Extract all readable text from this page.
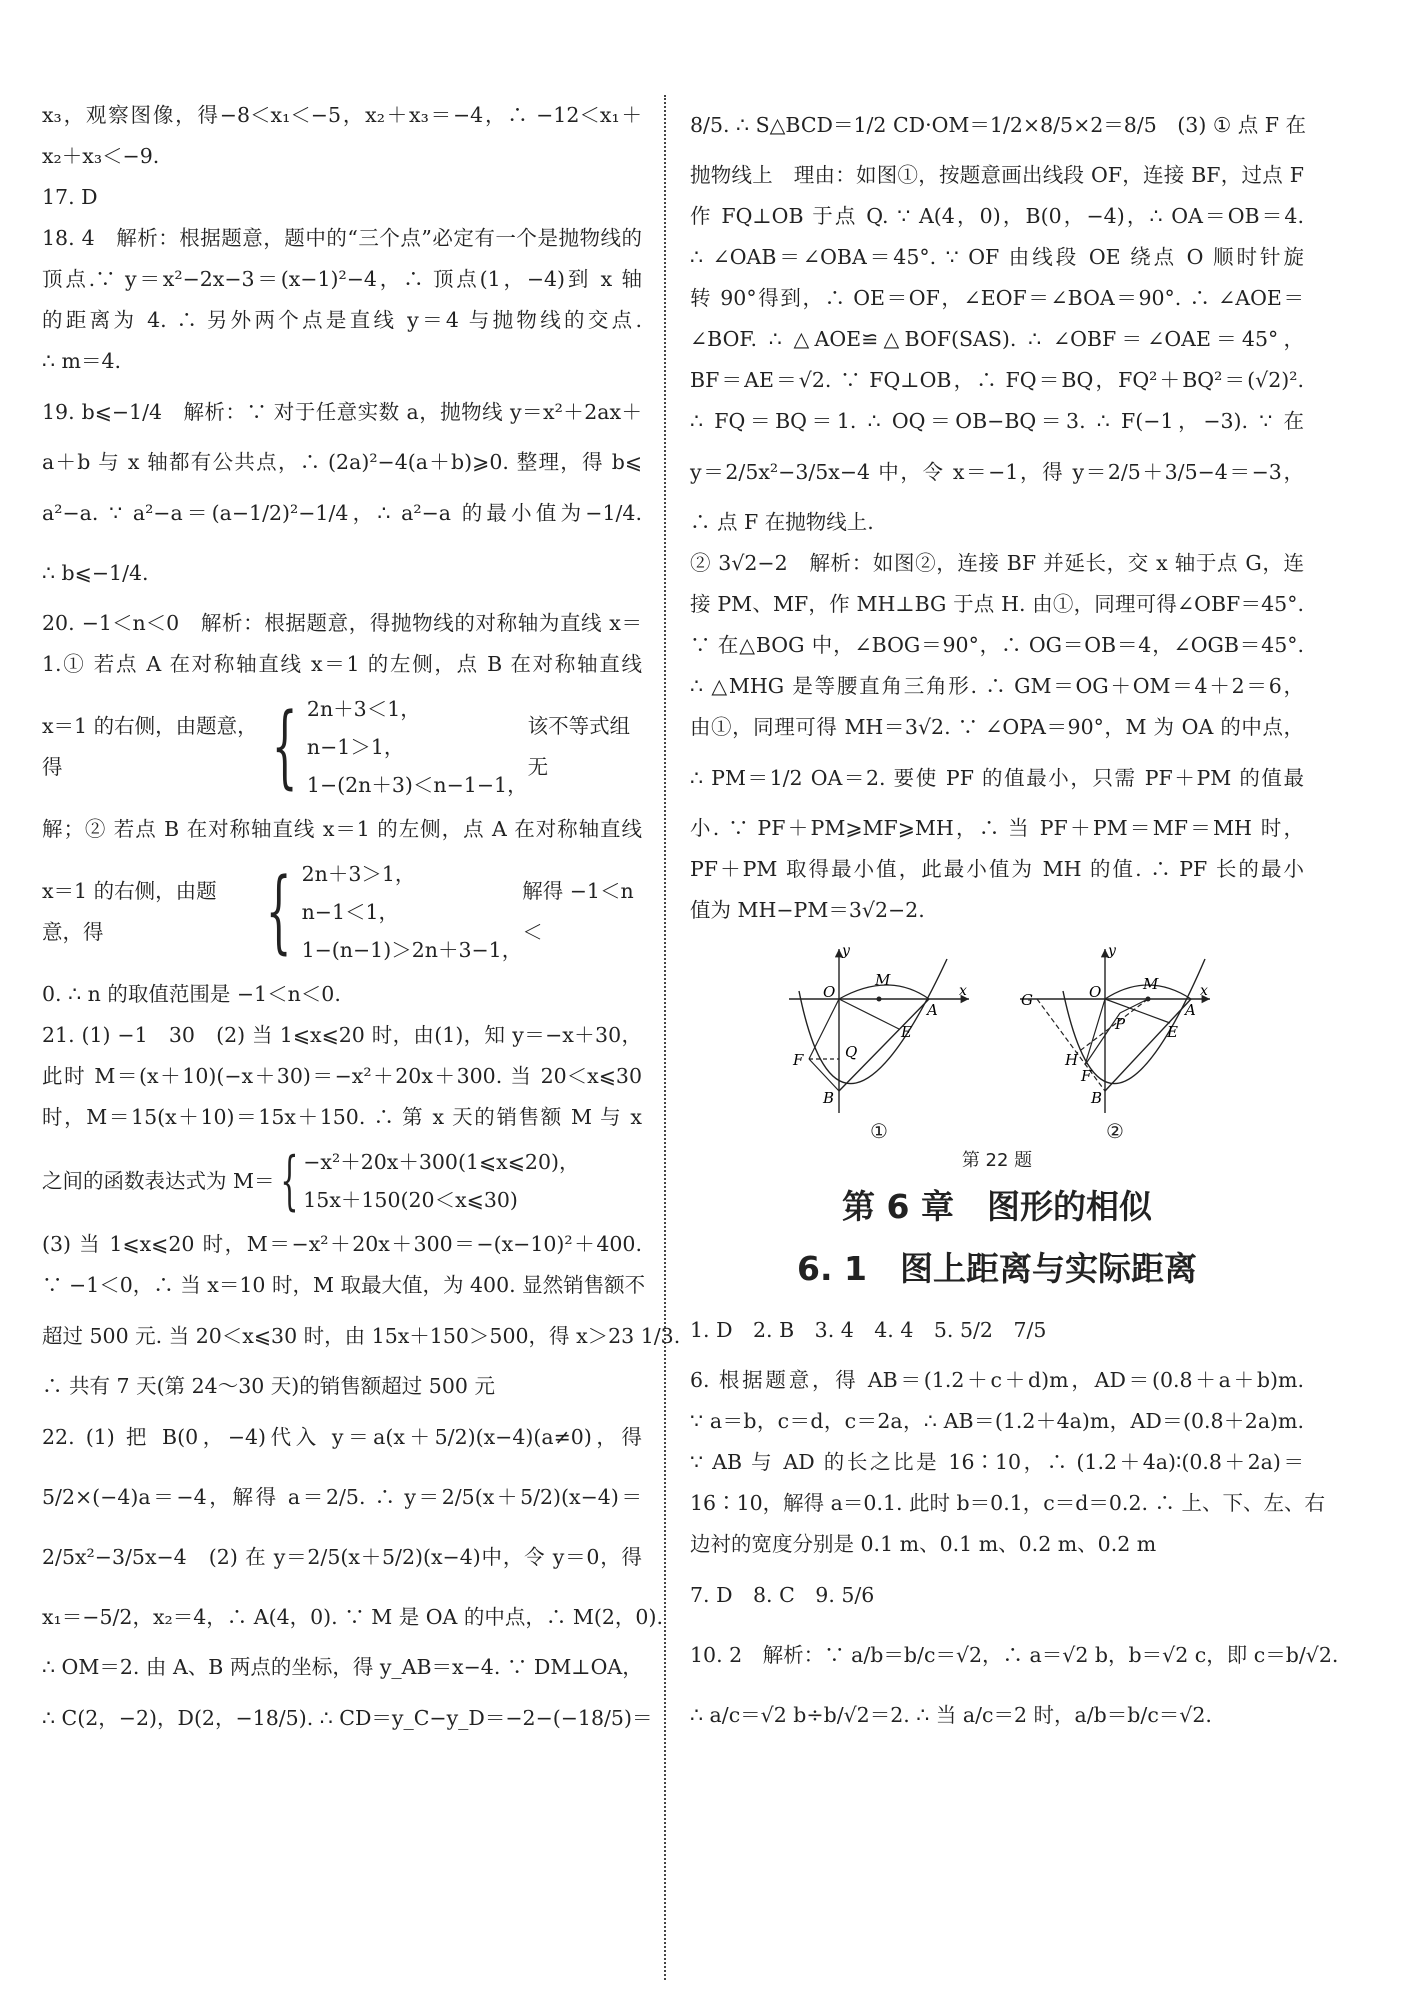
x₃，观察图像，得−8＜x₁＜−5，x₂＋x₃＝−4，∴ −12＜x₁＋
x₂＋x₃＜−9.
17. D
18. 4　解析：根据题意，题中的“三个点”必定有一个是抛物线的
顶点.∵ y＝x²−2x−3＝(x−1)²−4，∴ 顶点(1，−4)到 x 轴
的距离为 4. ∴ 另外两个点是直线 y＝4 与抛物线的交点.
∴ m＝4.
19. b⩽−1/4　解析：∵ 对于任意实数 a，抛物线 y＝x²＋2ax＋
a＋b 与 x 轴都有公共点，∴ (2a)²−4(a＋b)⩾0. 整理，得 b⩽
a²−a. ∵ a²−a＝(a−1/2)²−1/4，∴ a²−a 的最小值为−1/4.
∴ b⩽−1/4.
20. −1＜n＜0　解析：根据题意，得抛物线的对称轴为直线 x＝
1.① 若点 A 在对称轴直线 x＝1 的左侧，点 B 在对称轴直线
x＝1 的右侧，由题意，得	{ 2n＋3＜1，
n−1＞1，
1−(2n＋3)＜n−1−1，
该不等式组无
解；② 若点 B 在对称轴直线 x＝1 的左侧，点 A 在对称轴直线
x＝1 的右侧，由题意，得	{ 2n＋3＞1，
n−1＜1，
1−(n−1)＞2n＋3−1，
解得 −1＜n＜
0. ∴ n 的取值范围是 −1＜n＜0.
21. (1) −1　30　(2) 当 1⩽x⩽20 时，由(1)，知 y＝−x＋30，
此时 M＝(x＋10)(−x＋30)＝−x²＋20x＋300. 当 20＜x⩽30
时，M＝15(x＋10)＝15x＋150. ∴ 第 x 天的销售额 M 与 x
之间的函数表达式为 M＝ { −x²＋20x＋300(1⩽x⩽20)，
15x＋150(20＜x⩽30)
(3) 当 1⩽x⩽20 时，M＝−x²＋20x＋300＝−(x−10)²＋400.
∵ −1＜0，∴ 当 x＝10 时，M 取最大值，为 400. 显然销售额不
超过 500 元. 当 20＜x⩽30 时，由 15x＋150＞500，得 x＞23 1/3.
∴ 共有 7 天(第 24～30 天)的销售额超过 500 元
22. (1) 把 B(0，−4)代入 y＝a(x＋5/2)(x−4)(a≠0)，得
5/2×(−4)a＝−4，解得 a＝2/5. ∴ y＝2/5(x＋5/2)(x−4)＝
2/5x²−3/5x−4　(2) 在 y＝2/5(x＋5/2)(x−4)中，令 y＝0，得
x₁＝−5/2，x₂＝4，∴ A(4，0). ∵ M 是 OA 的中点，∴ M(2，0).
∴ OM＝2. 由 A、B 两点的坐标，得 y_AB＝x−4. ∵ DM⊥OA，
∴ C(2，−2)，D(2，−18/5). ∴ CD＝y_C−y_D＝−2−(−18/5)＝
8/5. ∴ S△BCD＝1/2 CD·OM＝1/2×8/5×2＝8/5　(3) ① 点 F 在
抛物线上　理由：如图①，按题意画出线段 OF，连接 BF，过点 F
作 FQ⊥OB 于点 Q. ∵ A(4，0)，B(0，−4)，∴ OA＝OB＝4.
∴ ∠OAB＝∠OBA＝45°. ∵ OF 由线段 OE 绕点 O 顺时针旋
转 90°得到，∴ OE＝OF，∠EOF＝∠BOA＝90°. ∴ ∠AOE＝
∠BOF. ∴ △AOE≌△BOF(SAS). ∴ ∠OBF＝∠OAE＝45°，
BF＝AE＝√2. ∵ FQ⊥OB，∴ FQ＝BQ，FQ²＋BQ²＝(√2)².
∴ FQ＝BQ＝1. ∴ OQ＝OB−BQ＝3. ∴ F(−1，−3). ∵ 在
y＝2/5x²−3/5x−4 中，令 x＝−1，得 y＝2/5＋3/5−4＝−3，
∴ 点 F 在抛物线上.
② 3√2−2　解析：如图②，连接 BF 并延长，交 x 轴于点 G，连
接 PM、MF，作 MH⊥BG 于点 H. 由①，同理可得∠OBF＝45°.
∵ 在△BOG 中，∠BOG＝90°，∴ OG＝OB＝4，∠OGB＝45°.
∴ △MHG 是等腰直角三角形. ∴ GM＝OG＋OM＝4＋2＝6，
由①，同理可得 MH＝3√2. ∵ ∠OPA＝90°，M 为 OA 的中点，
∴ PM＝1/2 OA＝2. 要使 PF 的值最小，只需 PF＋PM 的值最
小. ∵ PF＋PM⩾MF⩾MH，∴ 当 PF＋PM＝MF＝MH 时，
PF＋PM 取得最小值，此最小值为 MH 的值. ∴ PF 长的最小
值为 MH−PM＝3√2−2.
y
x
O
M
A
E
F	Q
B
①
y
x
O	M
A
E
G
P
H
F
B
②
第 22 题
第 6 章　图形的相似
6. 1　图上距离与实际距离
1. D　2. B　3. 4　4. 4　5. 5/2　7/5
6. 根据题意，得 AB＝(1.2＋c＋d)m，AD＝(0.8＋a＋b)m.
∵ a＝b，c＝d，c＝2a，∴ AB＝(1.2＋4a)m，AD＝(0.8＋2a)m.
∵ AB 与 AD 的长之比是 16∶10，∴ (1.2＋4a)∶(0.8＋2a)＝
16∶10，解得 a＝0.1. 此时 b＝0.1，c＝d＝0.2. ∴ 上、下、左、右
边衬的宽度分别是 0.1 m、0.1 m、0.2 m、0.2 m
7. D　8. C　9. 5/6
10. 2　解析：∵ a/b＝b/c＝√2，∴ a＝√2 b，b＝√2 c，即 c＝b/√2.
∴ a/c＝√2 b÷b/√2＝2. ∴ 当 a/c＝2 时，a/b＝b/c＝√2.
